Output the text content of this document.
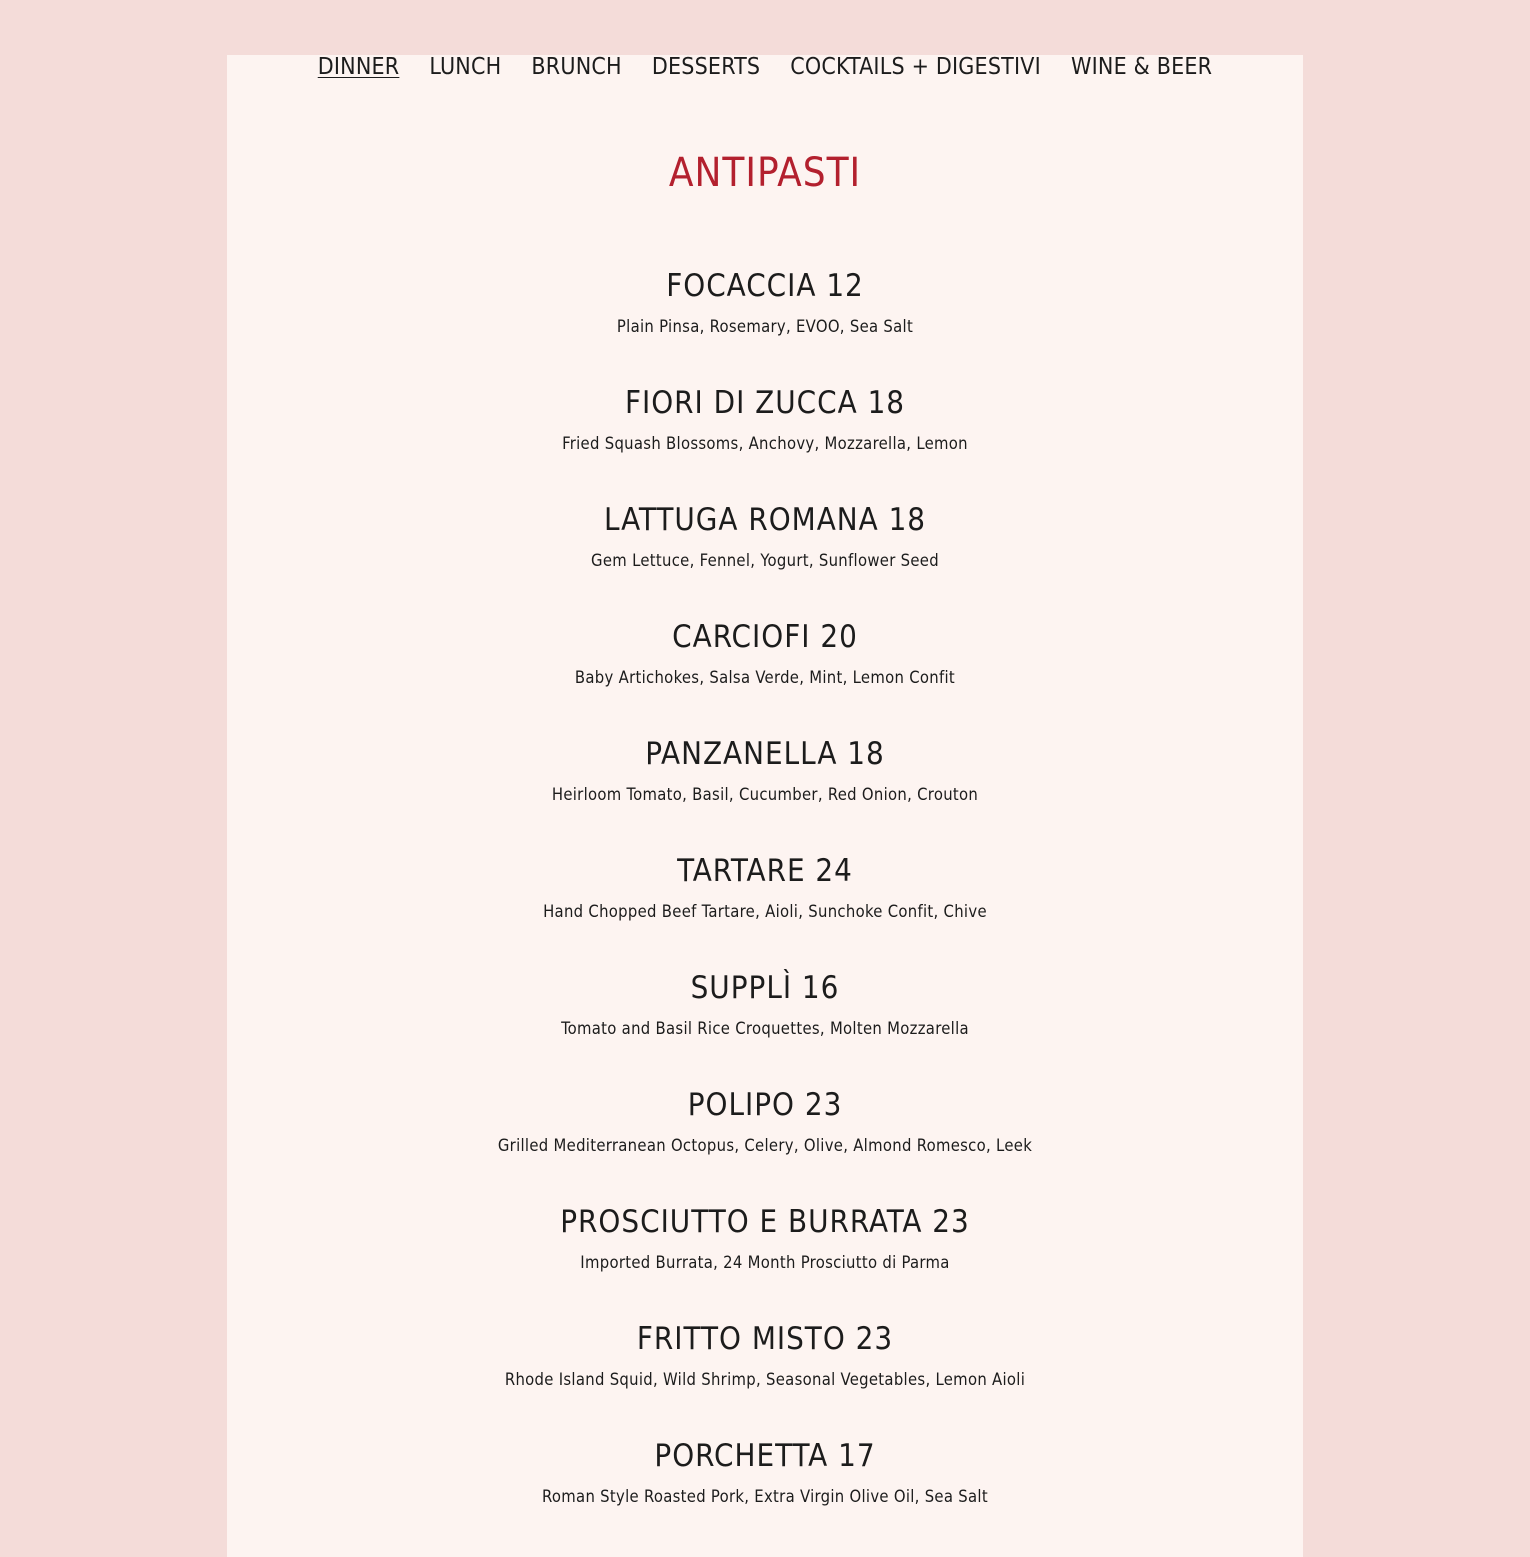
DINNER LUNCH BRUNCH DESSERTS COCKTAILS + DIGESTIVI WINE & BEER
ANTIPASTI
FOCACCIA 12
Plain Pinsa, Rosemary, EVOO, Sea Salt
FIORI DI ZUCCA 18
Fried Squash Blossoms, Anchovy, Mozzarella, Lemon
LATTUGA ROMANA 18
Gem Lettuce, Fennel, Yogurt, Sunflower Seed
CARCIOFI 20
Baby Artichokes, Salsa Verde, Mint, Lemon Confit
PANZANELLA 18
Heirloom Tomato, Basil, Cucumber, Red Onion, Crouton
TARTARE 24
Hand Chopped Beef Tartare, Aioli, Sunchoke Confit, Chive
SUPPLÌ 16
Tomato and Basil Rice Croquettes, Molten Mozzarella
POLIPO 23
Grilled Mediterranean Octopus, Celery, Olive, Almond Romesco, Leek
PROSCIUTTO E BURRATA 23
Imported Burrata, 24 Month Prosciutto di Parma
FRITTO MISTO 23
Rhode Island Squid, Wild Shrimp, Seasonal Vegetables, Lemon Aioli
PORCHETTA 17
Roman Style Roasted Pork, Extra Virgin Olive Oil, Sea Salt
